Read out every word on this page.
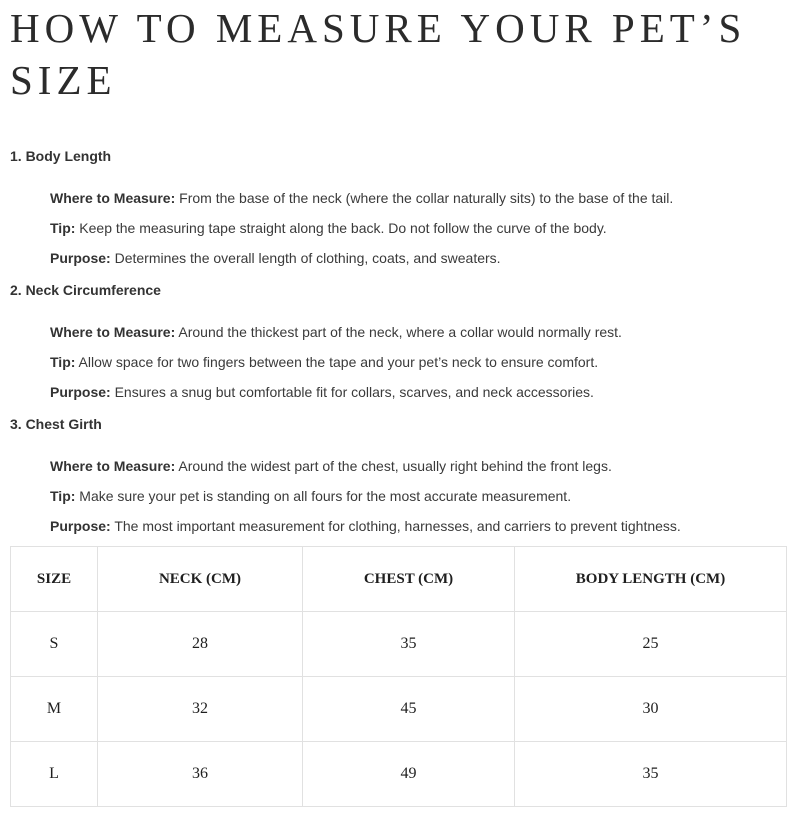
HOW TO MEASURE YOUR PET’S SIZE
1. Body Length

Where to Measure: From the base of the neck (where the collar naturally sits) to the base of the tail.

Tip: Keep the measuring tape straight along the back. Do not follow the curve of the body.

Purpose: Determines the overall length of clothing, coats, and sweaters.

2. Neck Circumference

Where to Measure: Around the thickest part of the neck, where a collar would normally rest.

Tip: Allow space for two fingers between the tape and your pet’s neck to ensure comfort.

Purpose: Ensures a snug but comfortable fit for collars, scarves, and neck accessories.

3. Chest Girth

Where to Measure: Around the widest part of the chest, usually right behind the front legs.

Tip: Make sure your pet is standing on all fours for the most accurate measurement.

Purpose: The most important measurement for clothing, harnesses, and carriers to prevent tightness.

SIZE	NECK (CM)	CHEST (CM)	BODY LENGTH (CM)
S	28	35	25
M	32	45	30
L	36	49	35
